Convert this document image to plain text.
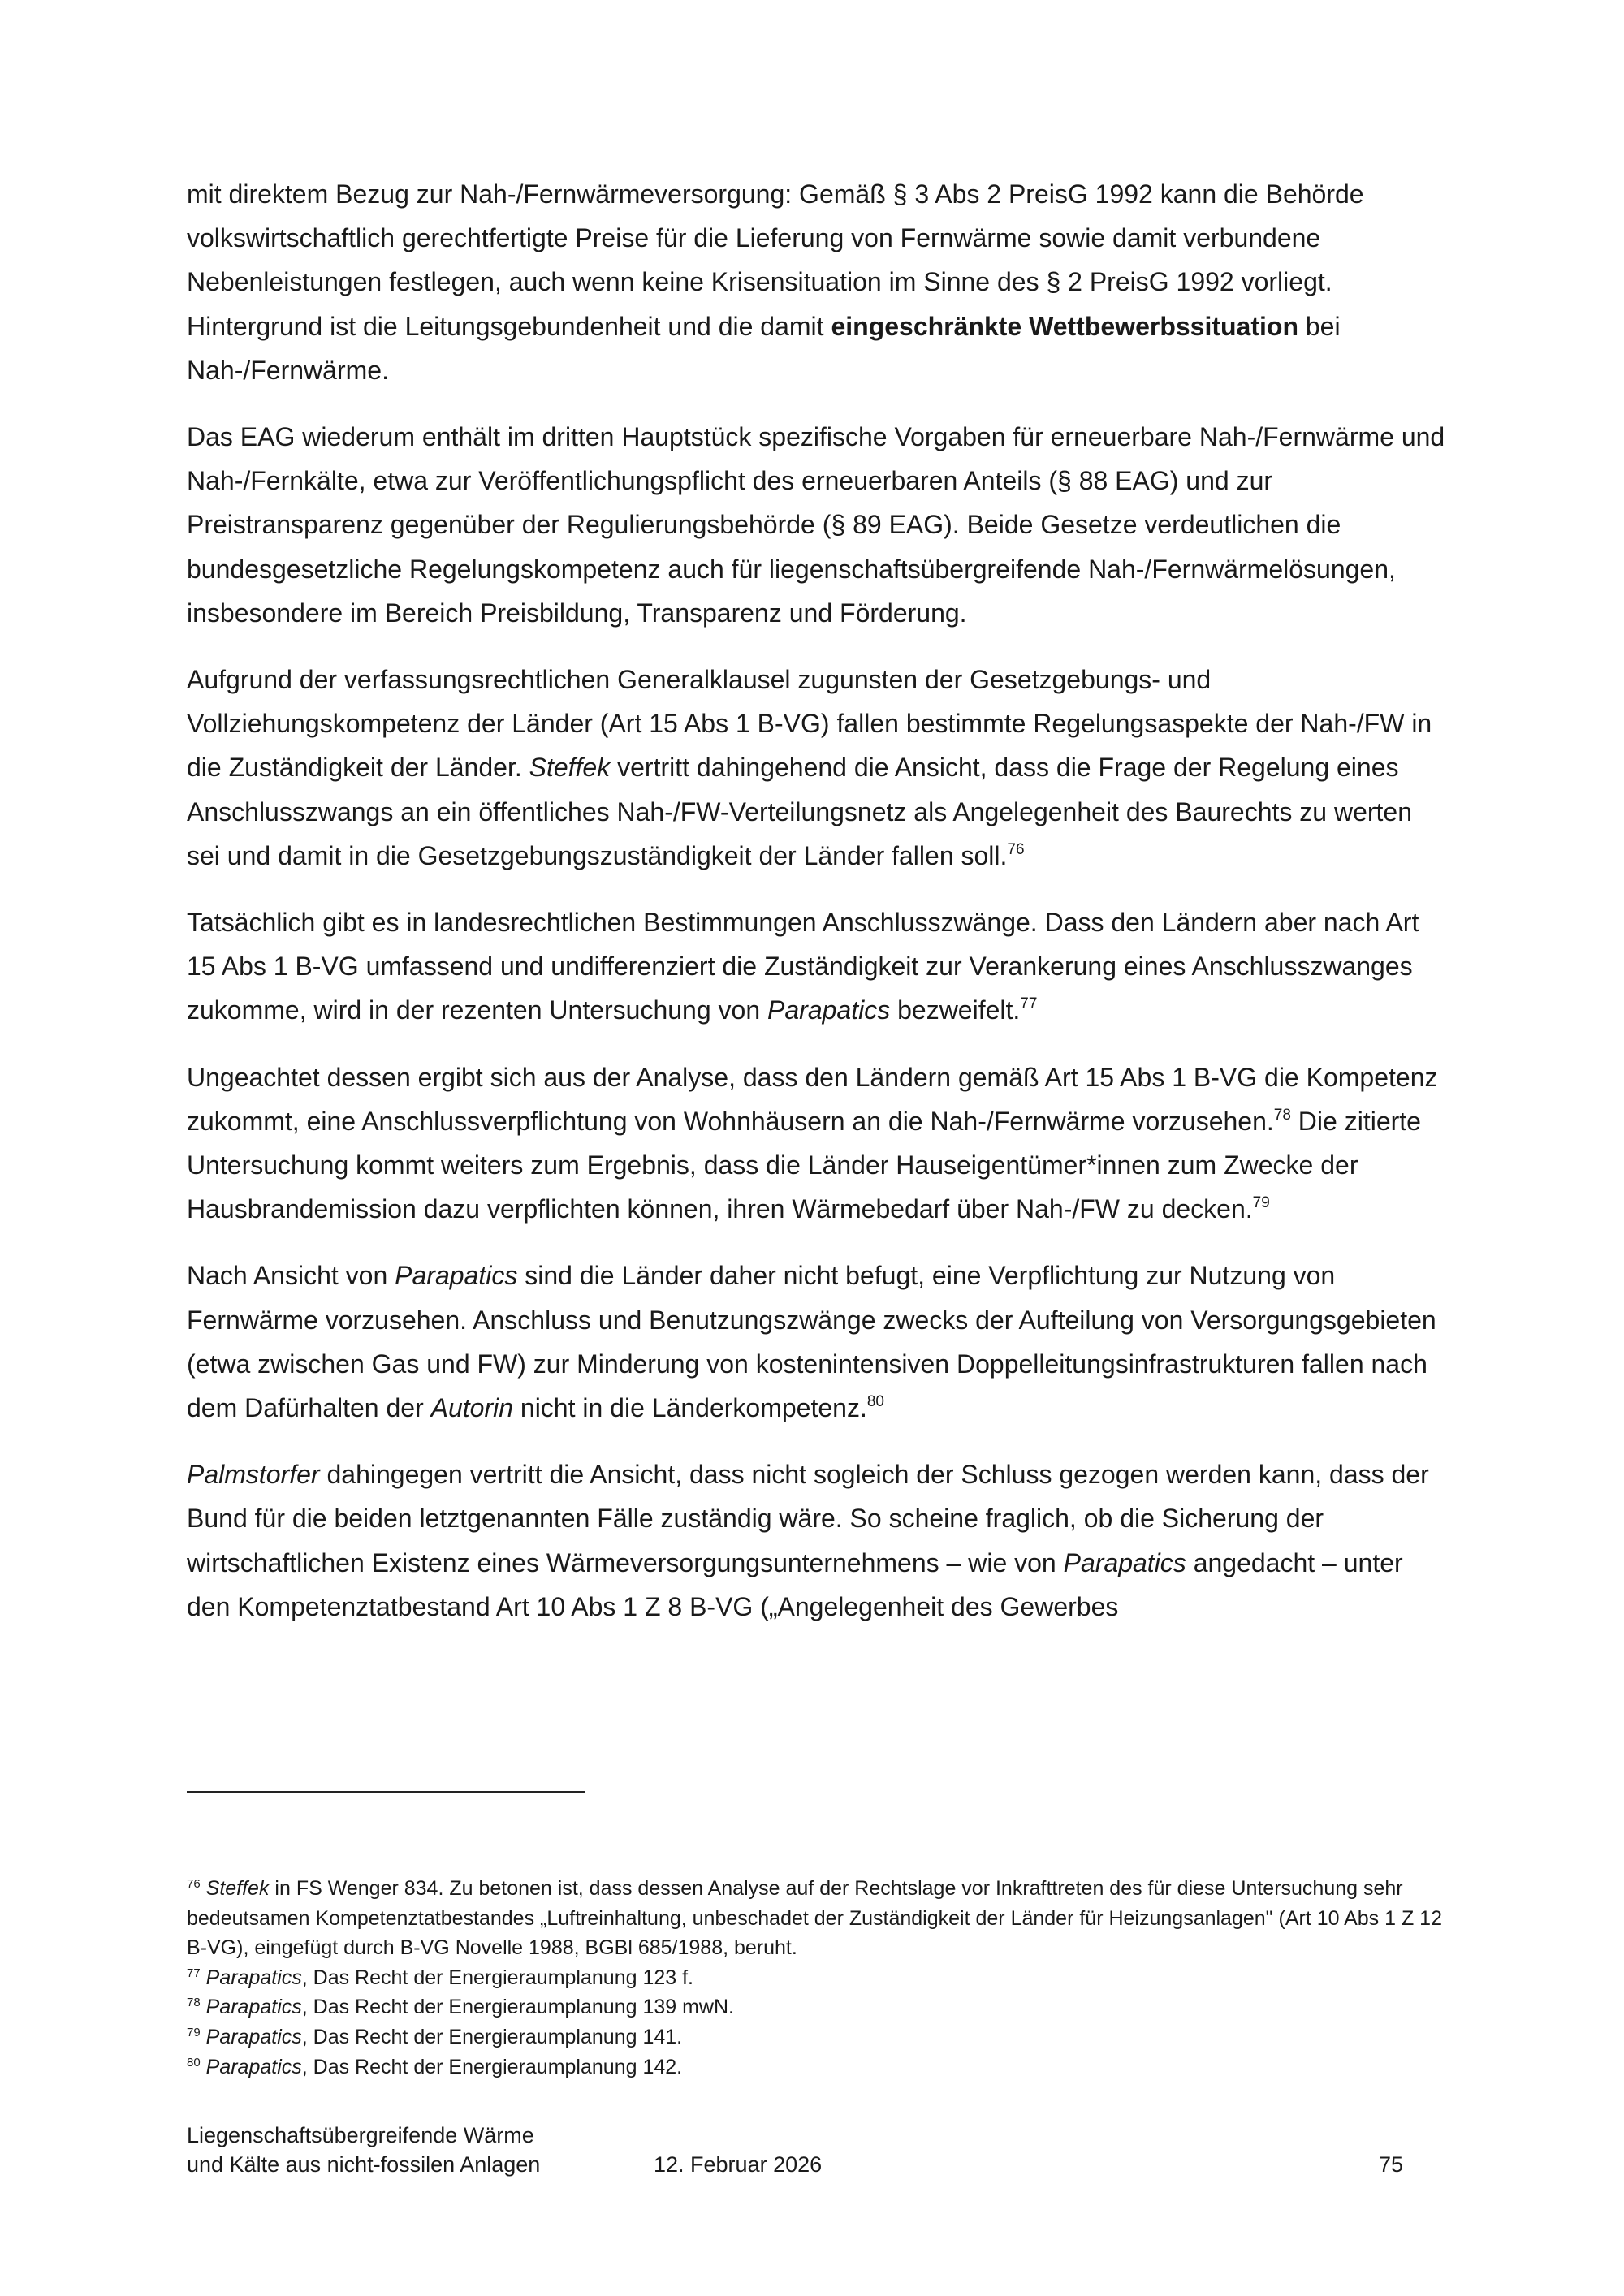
mit direktem Bezug zur Nah-/Fernwärmeversorgung: Gemäß § 3 Abs 2 PreisG 1992 kann die Behörde volkswirtschaftlich gerechtfertigte Preise für die Lieferung von Fernwärme sowie damit verbundene Nebenleistungen festlegen, auch wenn keine Krisensituation im Sinne des § 2 PreisG 1992 vorliegt. Hintergrund ist die Leitungsgebundenheit und die damit eingeschränkte Wettbewerbssituation bei Nah-/Fernwärme.

Das EAG wiederum enthält im dritten Hauptstück spezifische Vorgaben für erneuerbare Nah-/Fernwärme und Nah-/Fernkälte, etwa zur Veröffentlichungspflicht des erneuerbaren Anteils (§ 88 EAG) und zur Preistransparenz gegenüber der Regulierungsbehörde (§ 89 EAG). Beide Gesetze verdeutlichen die bundesgesetzliche Regelungskompetenz auch für liegenschaftsübergreifende Nah-/Fernwärmelösungen, insbesondere im Bereich Preisbildung, Transparenz und Förderung.

Aufgrund der verfassungsrechtlichen Generalklausel zugunsten der Gesetzgebungs- und Vollziehungskompetenz der Länder (Art 15 Abs 1 B-VG) fallen bestimmte Regelungsaspekte der Nah-/FW in die Zuständigkeit der Länder. Steffek vertritt dahingehend die Ansicht, dass die Frage der Regelung eines Anschlusszwangs an ein öffentliches Nah-/FW-Verteilungsnetz als Angelegenheit des Baurechts zu werten sei und damit in die Gesetzgebungszuständigkeit der Länder fallen soll.$^{76}$

Tatsächlich gibt es in landesrechtlichen Bestimmungen Anschlusszwänge. Dass den Ländern aber nach Art 15 Abs 1 B-VG umfassend und undifferenziert die Zuständigkeit zur Verankerung eines Anschlusszwanges zukomme, wird in der rezenten Untersuchung von Parapatics bezweifelt.$^{77}$

Ungeachtet dessen ergibt sich aus der Analyse, dass den Ländern gemäß Art 15 Abs 1 B-VG die Kompetenz zukommt, eine Anschlussverpflichtung von Wohnhäusern an die Nah-/Fernwärme vorzusehen.$^{78}$ Die zitierte Untersuchung kommt weiters zum Ergebnis, dass die Länder Hauseigentümer*innen zum Zwecke der Hausbrandemission dazu verpflichten können, ihren Wärmebedarf über Nah-/FW zu decken.$^{79}$

Nach Ansicht von Parapatics sind die Länder daher nicht befugt, eine Verpflichtung zur Nutzung von Fernwärme vorzusehen. Anschluss und Benutzungszwänge zwecks der Aufteilung von Versorgungsgebieten (etwa zwischen Gas und FW) zur Minderung von kostenintensiven Doppelleitungsinfrastrukturen fallen nach dem Dafürhalten der Autorin nicht in die Länderkompetenz.$^{80}$

Palmstorfer dahingegen vertritt die Ansicht, dass nicht sogleich der Schluss gezogen werden kann, dass der Bund für die beiden letztgenannten Fälle zuständig wäre. So scheine fraglich, ob die Sicherung der wirtschaftlichen Existenz eines Wärmeversorgungsunternehmens – wie von Parapatics angedacht – unter den Kompetenztatbestand Art 10 Abs 1 Z 8 B-VG („Angelegenheit des Gewerbes

$^{76}$ Steffek in FS Wenger 834. Zu betonen ist, dass dessen Analyse auf der Rechtslage vor Inkrafttreten des für diese Untersuchung sehr bedeutsamen Kompetenztatbestandes „Luftreinhaltung, unbeschadet der Zuständigkeit der Länder für Heizungsanlagen" (Art 10 Abs 1 Z 12 B-VG), eingefügt durch B-VG Novelle 1988, BGBl 685/1988, beruht.

$^{77}$ Parapatics, Das Recht der Energieraumplanung 123 f.

$^{78}$ Parapatics, Das Recht der Energieraumplanung 139 mwN.

$^{79}$ Parapatics, Das Recht der Energieraumplanung 141.

$^{80}$ Parapatics, Das Recht der Energieraumplanung 142.

Liegenschaftsübergreifende Wärme
und Kälte aus nicht-fossilen Anlagen	12. Februar 2026	75
